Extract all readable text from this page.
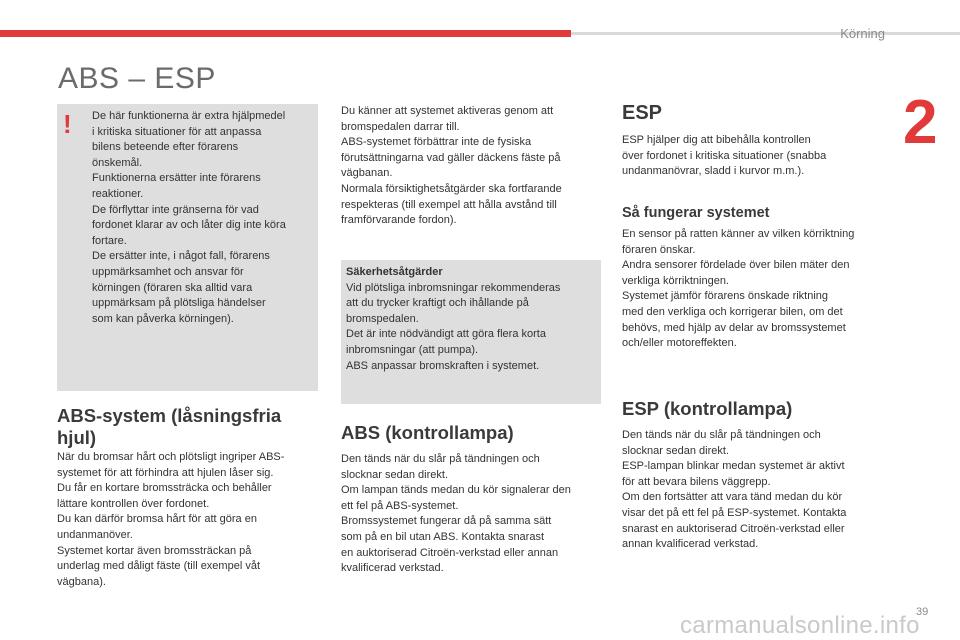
Körning
2
ABS – ESP
! De här funktionerna är extra hjälpmedel

i kritiska situationer för att anpassa

bilens beteende efter förarens

önskemål.

Funktionerna ersätter inte förarens

reaktioner.

De förflyttar inte gränserna för vad

fordonet klarar av och låter dig inte köra

fortare.

De ersätter inte, i något fall, förarens

uppmärksamhet och ansvar för

körningen (föraren ska alltid vara

uppmärksam på plötsliga händelser

som kan påverka körningen).

ABS-system (låsningsfria
hjul)

När du bromsar hårt och plötsligt ingriper ABS-

systemet för att förhindra att hjulen låser sig.

Du får en kortare bromssträcka och behåller

lättare kontrollen över fordonet.

Du kan därför bromsa hårt för att göra en

undanmanöver.

Systemet kortar även bromssträckan på

underlag med dåligt fäste (till exempel våt

vägbana).

Du känner att systemet aktiveras genom att

bromspedalen darrar till.

ABS-systemet förbättrar inte de fysiska

förutsättningarna vad gäller däckens fäste på

vägbanan.

Normala försiktighetsåtgärder ska fortfarande

respekteras (till exempel att hålla avstånd till

framförvarande fordon).

Säkerhetsåtgärder

Vid plötsliga inbromsningar rekommenderas

att du trycker kraftigt och ihållande på

bromspedalen.

Det är inte nödvändigt att göra flera korta

inbromsningar (att pumpa).

ABS anpassar bromskraften i systemet.

ABS (kontrollampa)

Den tänds när du slår på tändningen och

slocknar sedan direkt.

Om lampan tänds medan du kör signalerar den

ett fel på ABS-systemet.

Bromssystemet fungerar då på samma sätt

som på en bil utan ABS. Kontakta snarast

en auktoriserad Citroën-verkstad eller annan

kvalificerad verkstad.

ESP

ESP hjälper dig att bibehålla kontrollen

över fordonet i kritiska situationer (snabba

undanmanövrar, sladd i kurvor m.m.).

Så fungerar systemet

En sensor på ratten känner av vilken körriktning

föraren önskar.

Andra sensorer fördelade över bilen mäter den

verkliga körriktningen.

Systemet jämför förarens önskade riktning

med den verkliga och korrigerar bilen, om det

behövs, med hjälp av delar av bromssystemet

och/eller motoreffekten.

ESP (kontrollampa)

Den tänds när du slår på tändningen och

slocknar sedan direkt.

ESP-lampan blinkar medan systemet är aktivt

för att bevara bilens väggrepp.

Om den fortsätter att vara tänd medan du kör

visar det på ett fel på ESP-systemet. Kontakta

snarast en auktoriserad Citroën-verkstad eller

annan kvalificerad verkstad.

carmanualsonline.info
39
